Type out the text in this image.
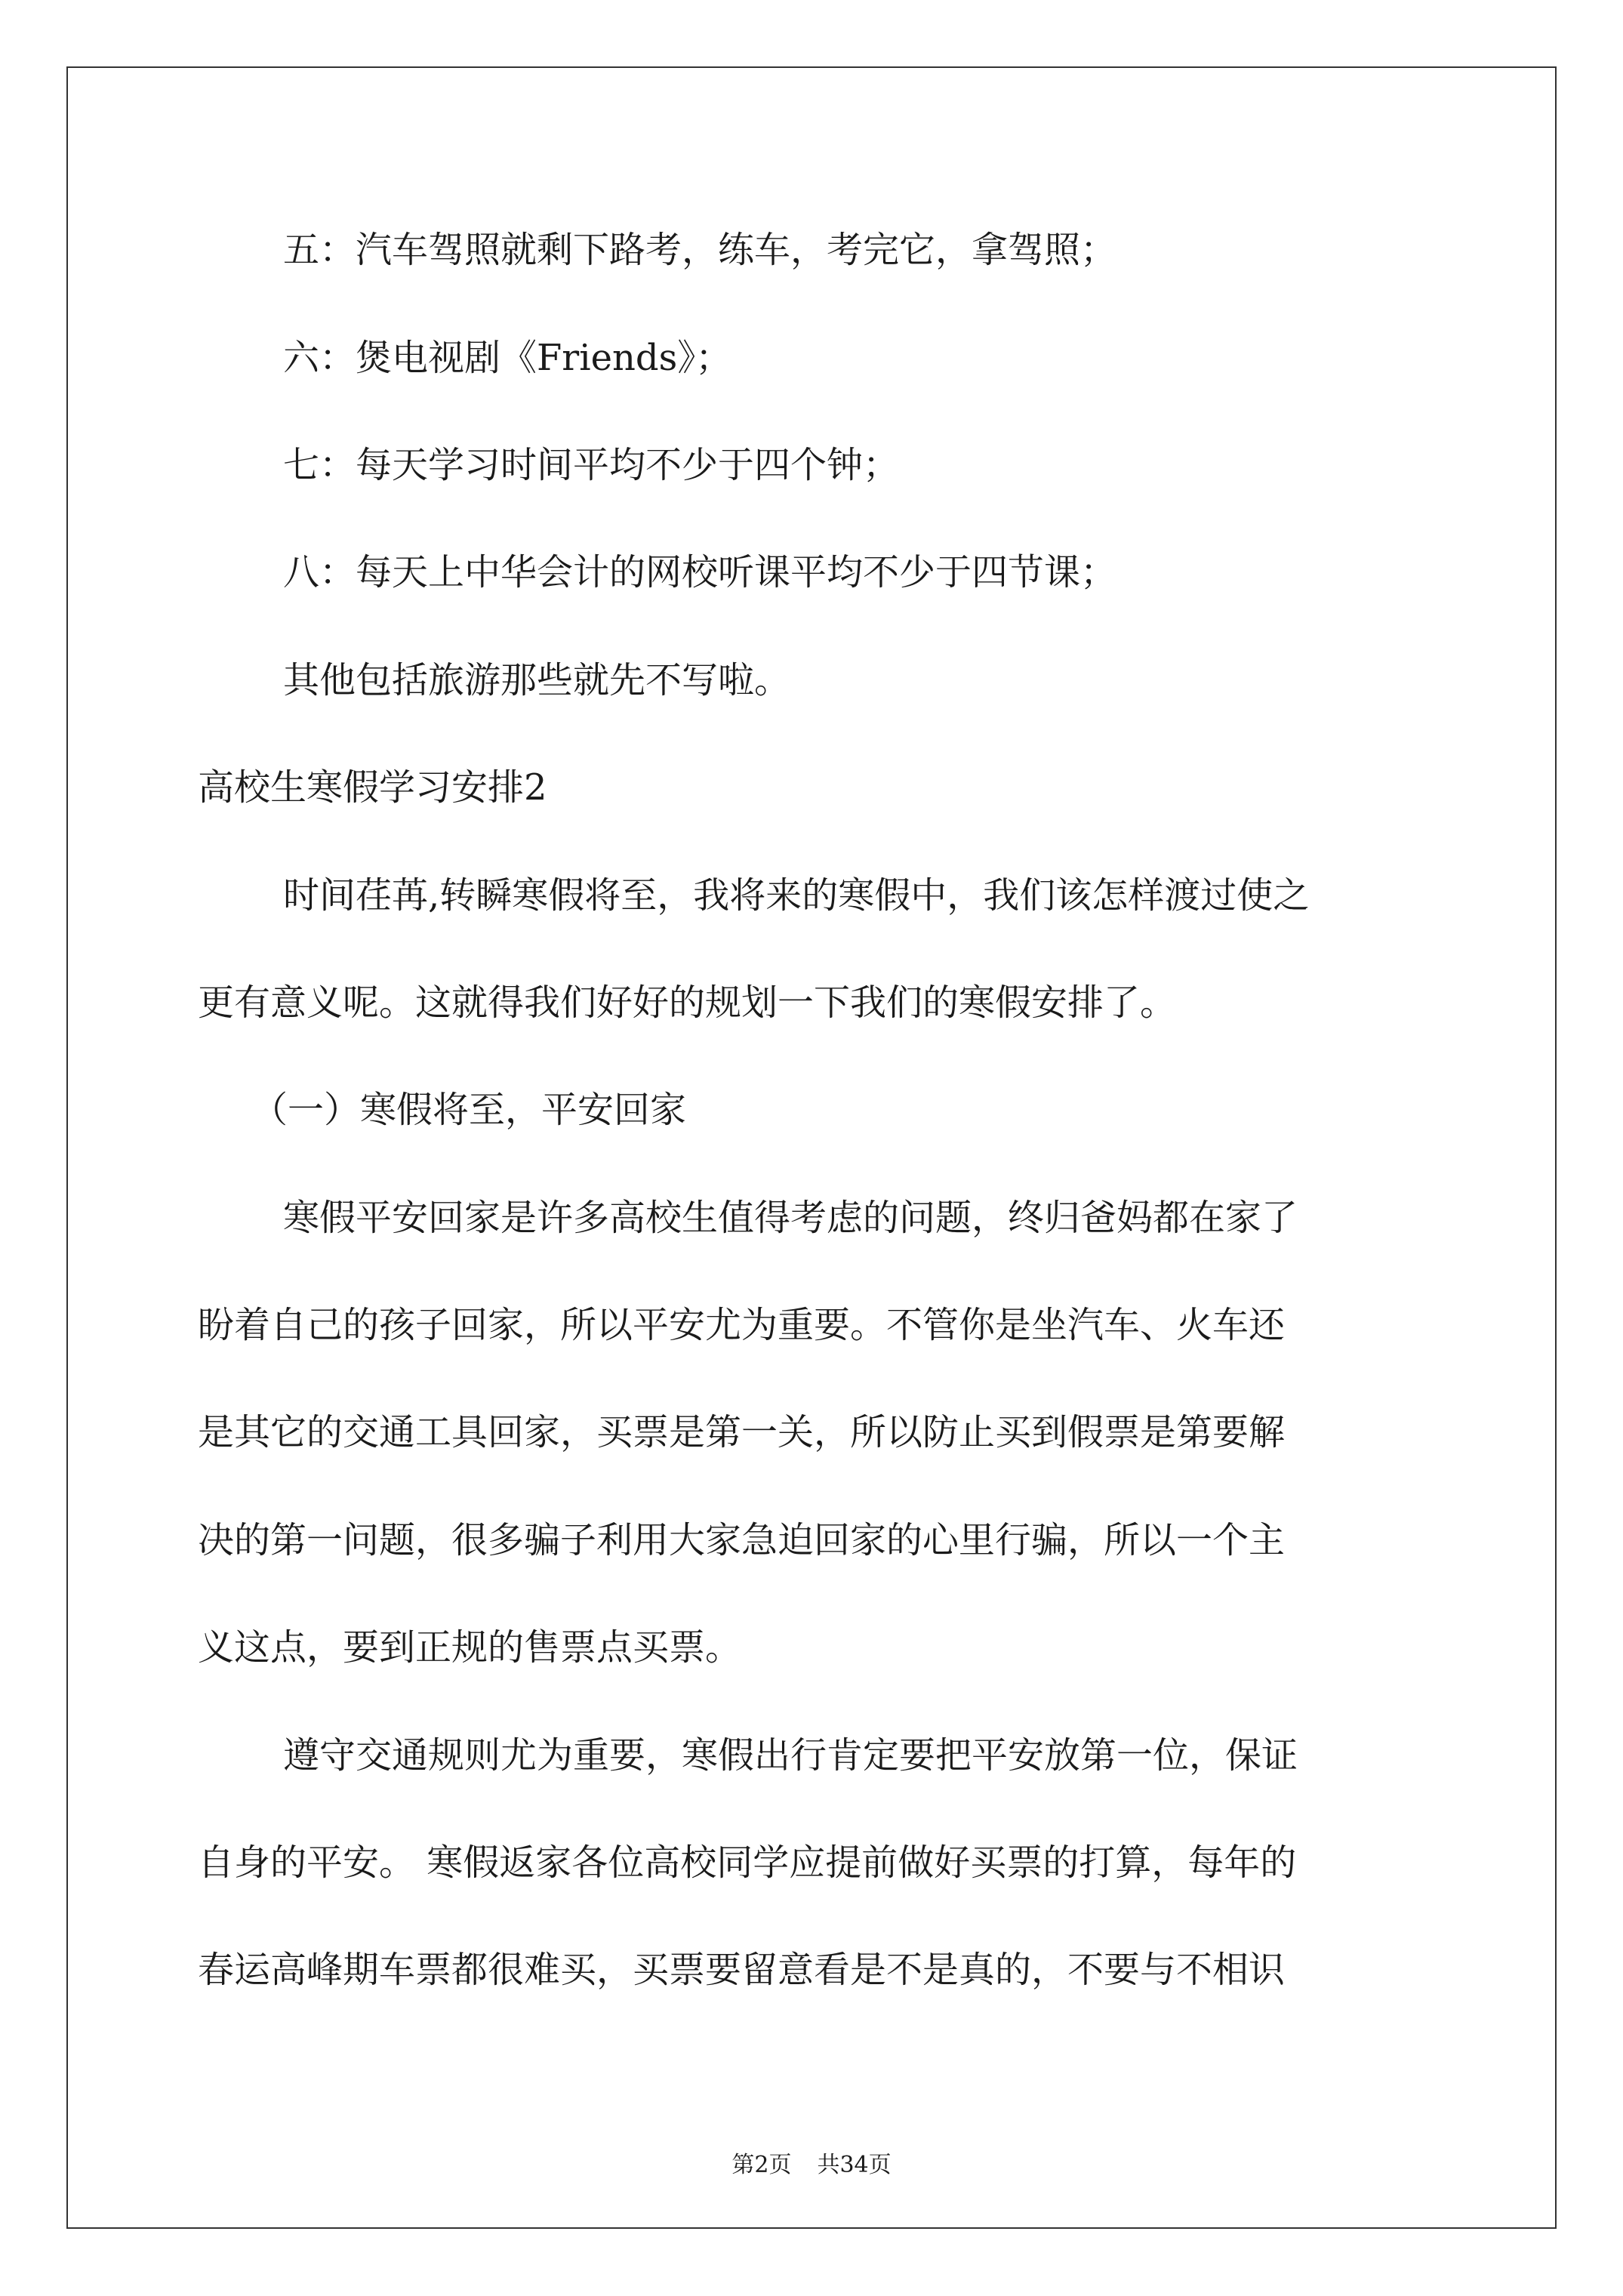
五：汽车驾照就剩下路考，练车，考完它，拿驾照；
六：煲电视剧《Friends》；
七：每天学习时间平均不少于四个钟；
八：每天上中华会计的网校听课平均不少于四节课；
其他包括旅游那些就先不写啦。
高校生寒假学习安排2
时间荏苒,转瞬寒假将至，我将来的寒假中，我们该怎样渡过使之
更有意义呢。这就得我们好好的规划一下我们的寒假安排了。
（一）寒假将至，平安回家
寒假平安回家是许多高校生值得考虑的问题，终归爸妈都在家了
盼着自己的孩子回家，所以平安尤为重要。不管你是坐汽车、火车还
是其它的交通工具回家，买票是第一关，所以防止买到假票是第要解
决的第一问题，很多骗子利用大家急迫回家的心里行骗，所以一个主
义这点，要到正规的售票点买票。
遵守交通规则尤为重要，寒假出行肯定要把平安放第一位，保证
自身的平安。 寒假返家各位高校同学应提前做好买票的打算，每年的
春运高峰期车票都很难买，买票要留意看是不是真的，不要与不相识
第2页 共34页
